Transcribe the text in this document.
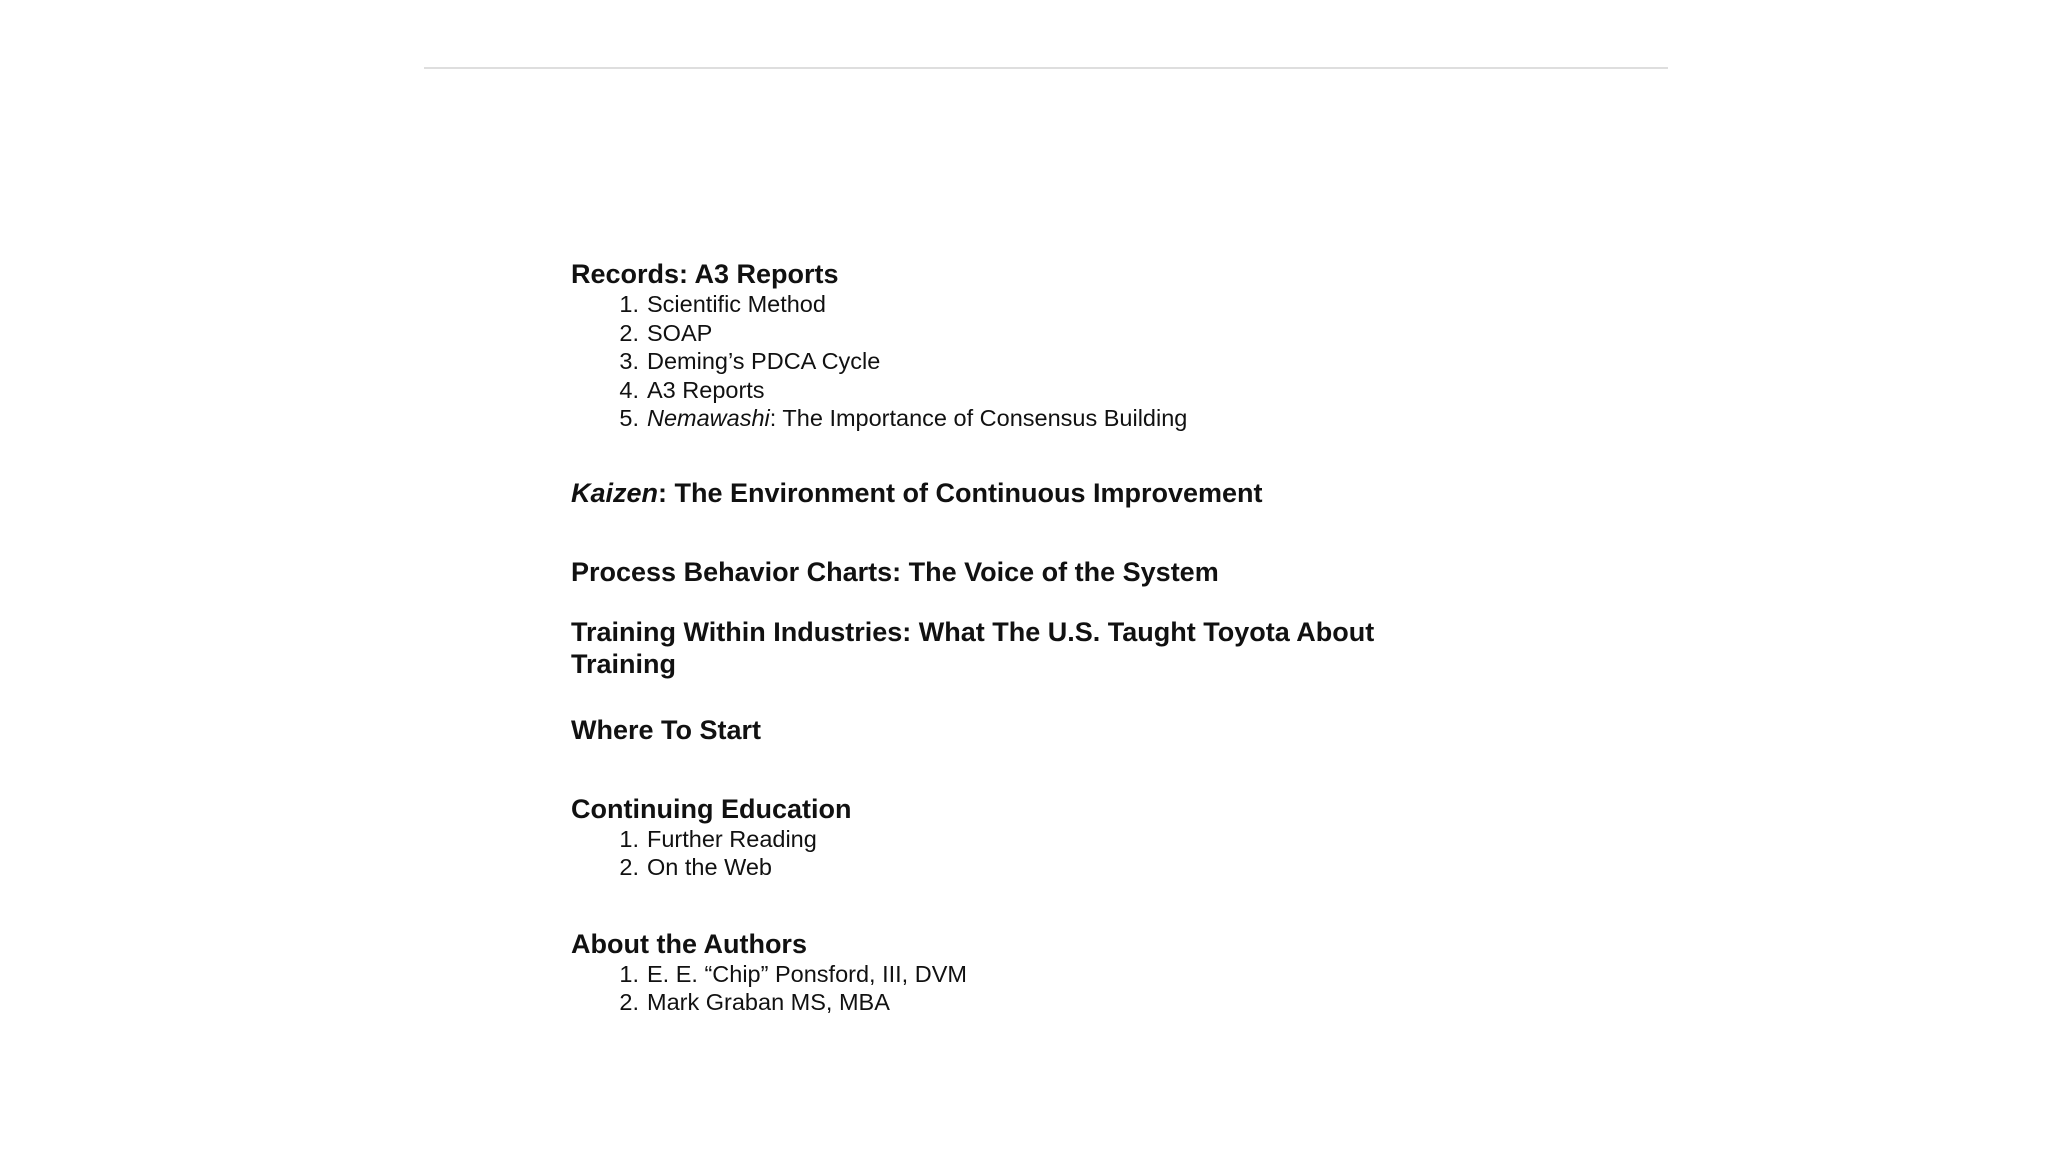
Records: A3 Reports
1. Scientific Method
2. SOAP
3. Deming’s PDCA Cycle
4. A3 Reports
5. Nemawashi: The Importance of Consensus Building
Kaizen: The Environment of Continuous Improvement
Process Behavior Charts: The Voice of the System
Training Within Industries: What The U.S. Taught Toyota About Training
Where To Start
Continuing Education
1. Further Reading
2. On the Web
About the Authors
1. E. E. “Chip” Ponsford, III, DVM
2. Mark Graban MS, MBA
